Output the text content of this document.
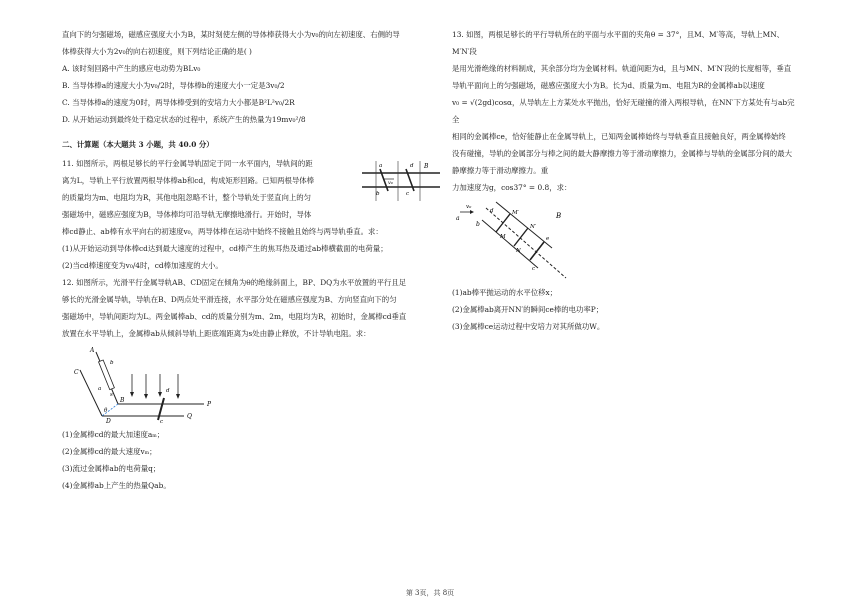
直向下的匀强磁场，磁感应强度大小为B，某时刻使左侧的导体棒获得大小为v₀的向左初速度、右侧的导

体棒获得大小为2v₀的向右初速度，则下列结论正确的是( )

A. 该时刻回路中产生的感应电动势为BLv₀

B. 当导体棒a的速度大小为v₀/2时，导体棒b的速度大小一定是3v₀/2

C. 当导体棒a的速度为0时，两导体棒受到的安培力大小都是B²L²v₀/2R

D. 从开始运动到最终处于稳定状态的过程中，系统产生的热量为19mv₀²/8

二、计算题（本大题共 3 小题，共 40.0 分）

B
a
b	c
d
v₀

11. 如图所示，两根足够长的平行金属导轨固定于同一水平面内，导轨间的距

离为L，导轨上平行放置两根导体棒ab和cd，构成矩形回路。已知两根导体棒

的质量均为m、电阻均为R，其他电阻忽略不计，整个导轨处于竖直向上的匀

强磁场中，磁感应强度为B，导体棒均可沿导轨无摩擦地滑行。开始时，导体

棒cd静止、ab棒有水平向右的初速度v₀，两导体棒在运动中始终不接触且始终与两导轨垂直。求：

(1)从开始运动到导体棒cd达到最大速度的过程中，cd棒产生的焦耳热及通过ab棒横截面的电荷量；

(2)当cd棒速度变为v₀/4时，cd棒加速度的大小。

12. 如图所示，光滑平行金属导轨AB、CD固定在倾角为θ的绝缘斜面上，BP、DQ为水平放置的平行且足

够长的光滑金属导轨，导轨在B、D两点处平滑连接，水平部分处在磁感应强度为B、方向竖直向下的匀

强磁场中，导轨间距均为L。两金属棒ab、cd的质量分别为m、2m，电阻均为R，初始时，金属棒cd垂直

放置在水平导轨上，金属棒ab从倾斜导轨上距底端距离为s处由静止释放，不计导轨电阻。求：

A
B
C
D
P
Q
a
b
c
d
s
θ

(1)金属棒cd的最大加速度aₘ；

(2)金属棒cd的最大速度vₘ；

(3)流过金属棒ab的电荷量q；

(4)金属棒ab上产生的热量Qab。

13. 如图，两根足够长的平行导轨所在的平面与水平面的夹角θ = 37°，且M、M′等高，导轨上MN、M′N′段

是用光滑绝缘的材料制成，其余部分均为金属材料。轨道间距为d，且与MN、M′N′段的长度相等，垂直

导轨平面向上的匀强磁场，磁感应强度大小为B。长为d、质量为m、电阻为R的金属棒ab以速度

v₀ = √(2gd)cosα，从导轨左上方某处水平抛出，恰好无碰撞的滑入两根导轨，在NN′下方某处有与ab完全

相同的金属棒ce，恰好能静止在金属导轨上，已知两金属棒始终与导轨垂直且接触良好，两金属棒始终

没有碰撞，导轨的金属部分与棒之间的最大静摩擦力等于滑动摩擦力，金属棒与导轨的金属部分间的最大静摩擦力等于滑动摩擦力。重

力加速度为g，cos37° = 0.8，求：

a
b
v₀
d
M
M′
N
N′
B
c
e

(1)ab棒平抛运动的水平位移x；

(2)金属棒ab离开NN′的瞬间ce棒的电功率P；

(3)金属棒ce运动过程中安培力对其所做功W。

第 3页，共 8页
